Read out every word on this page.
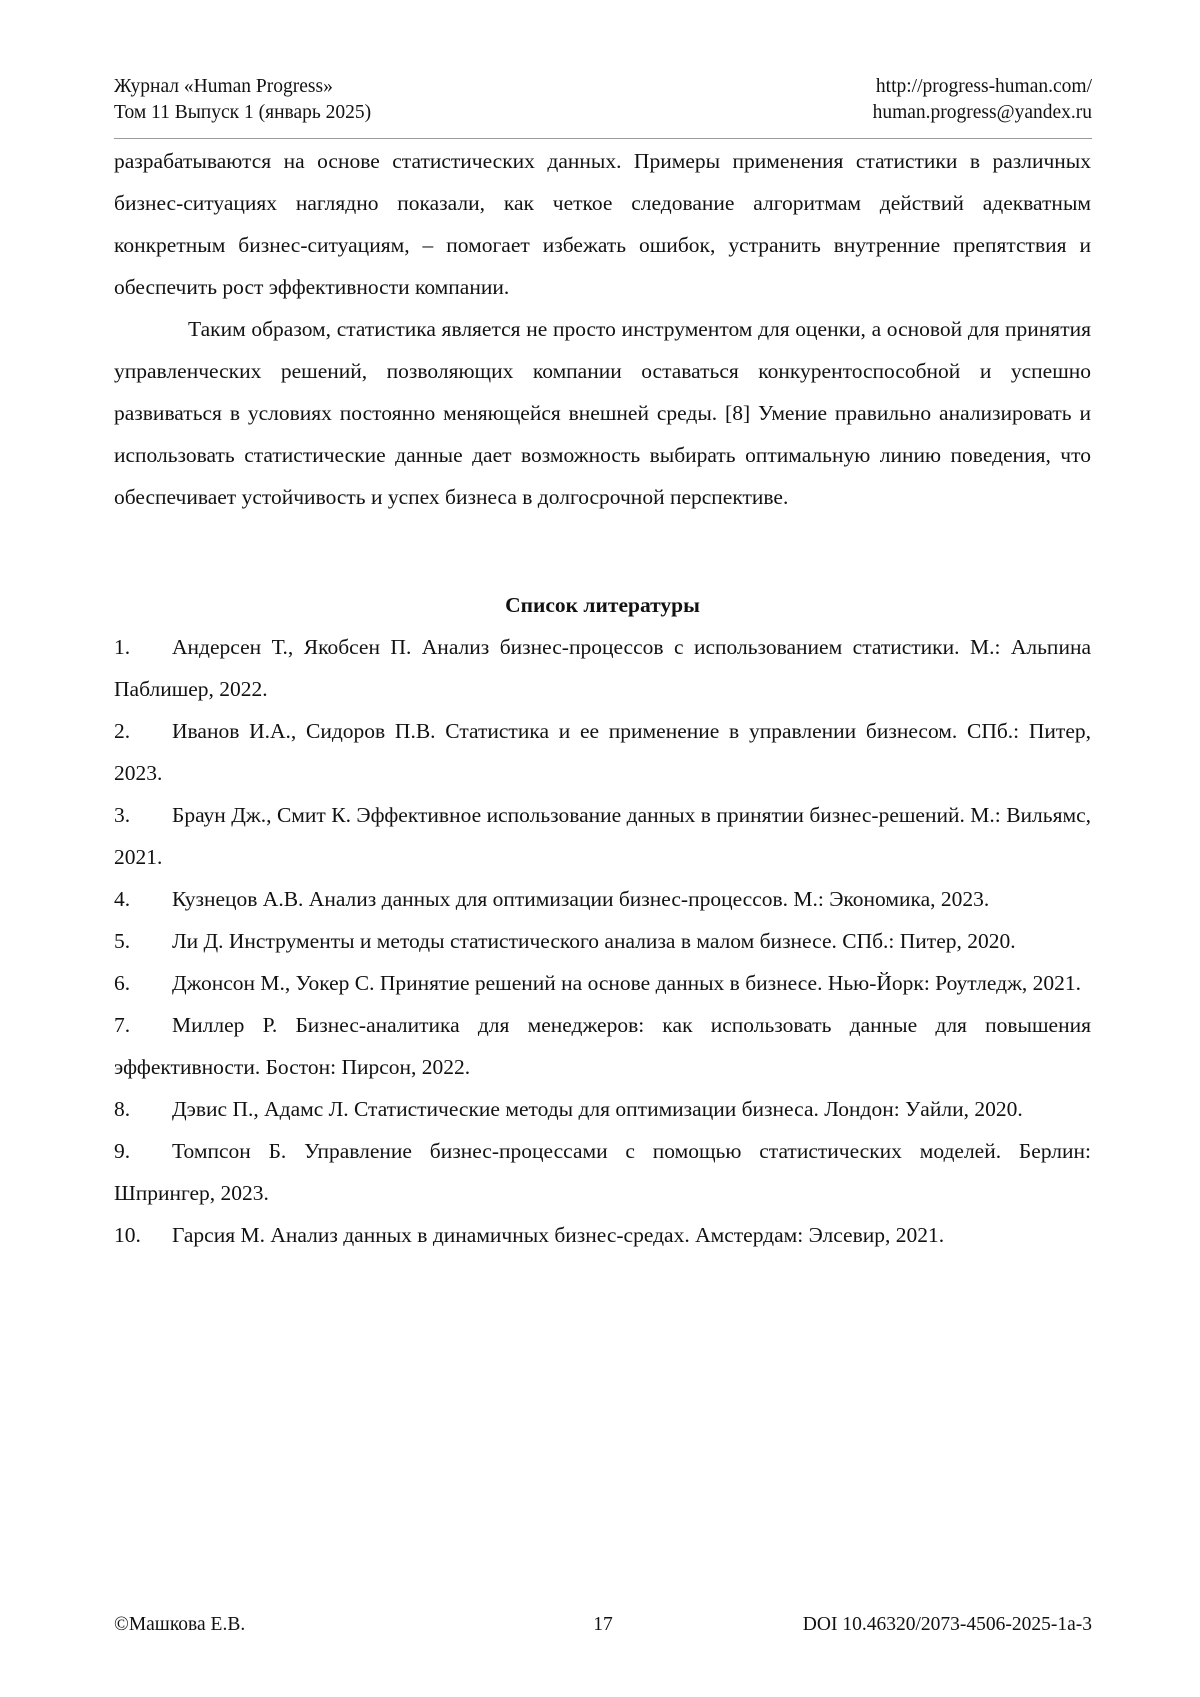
Журнал «Human Progress»
Том 11 Выпуск 1 (январь 2025)
http://progress-human.com/
human.progress@yandex.ru

разрабатываются на основе статистических данных. Примеры применения статистики в различных бизнес-ситуациях наглядно показали, как четкое следование алгоритмам действий адекватным конкретным бизнес-ситуациям, – помогает избежать ошибок, устранить внутренние препятствия и обеспечить рост эффективности компании.

Таким образом, статистика является не просто инструментом для оценки, а основой для принятия управленческих решений, позволяющих компании оставаться конкурентоспособной и успешно развиваться в условиях постоянно меняющейся внешней среды. [8] Умение правильно анализировать и использовать статистические данные дает возможность выбирать оптимальную линию поведения, что обеспечивает устойчивость и успех бизнеса в долгосрочной перспективе.

Список литературы

1. Андерсен Т., Якобсен П. Анализ бизнес-процессов с использованием статистики. М.: Альпина Паблишер, 2022.

2. Иванов И.А., Сидоров П.В. Статистика и ее применение в управлении бизнесом. СПб.: Питер, 2023.

3. Браун Дж., Смит К. Эффективное использование данных в принятии бизнес-решений. М.: Вильямс, 2021.

4. Кузнецов А.В. Анализ данных для оптимизации бизнес-процессов. М.: Экономика, 2023.

5. Ли Д. Инструменты и методы статистического анализа в малом бизнесе. СПб.: Питер, 2020.

6. Джонсон М., Уокер С. Принятие решений на основе данных в бизнесе. Нью-Йорк: Роутледж, 2021.

7. Миллер Р. Бизнес-аналитика для менеджеров: как использовать данные для повышения эффективности. Бостон: Пирсон, 2022.

8. Дэвис П., Адамс Л. Статистические методы для оптимизации бизнеса. Лондон: Уайли, 2020.

9. Томпсон Б. Управление бизнес-процессами с помощью статистических моделей. Берлин: Шпрингер, 2023.

10. Гарсия М. Анализ данных в динамичных бизнес-средах. Амстердам: Элсевир, 2021.

©Машкова Е.В.	17	DOI 10.46320/2073-4506-2025-1a-3
